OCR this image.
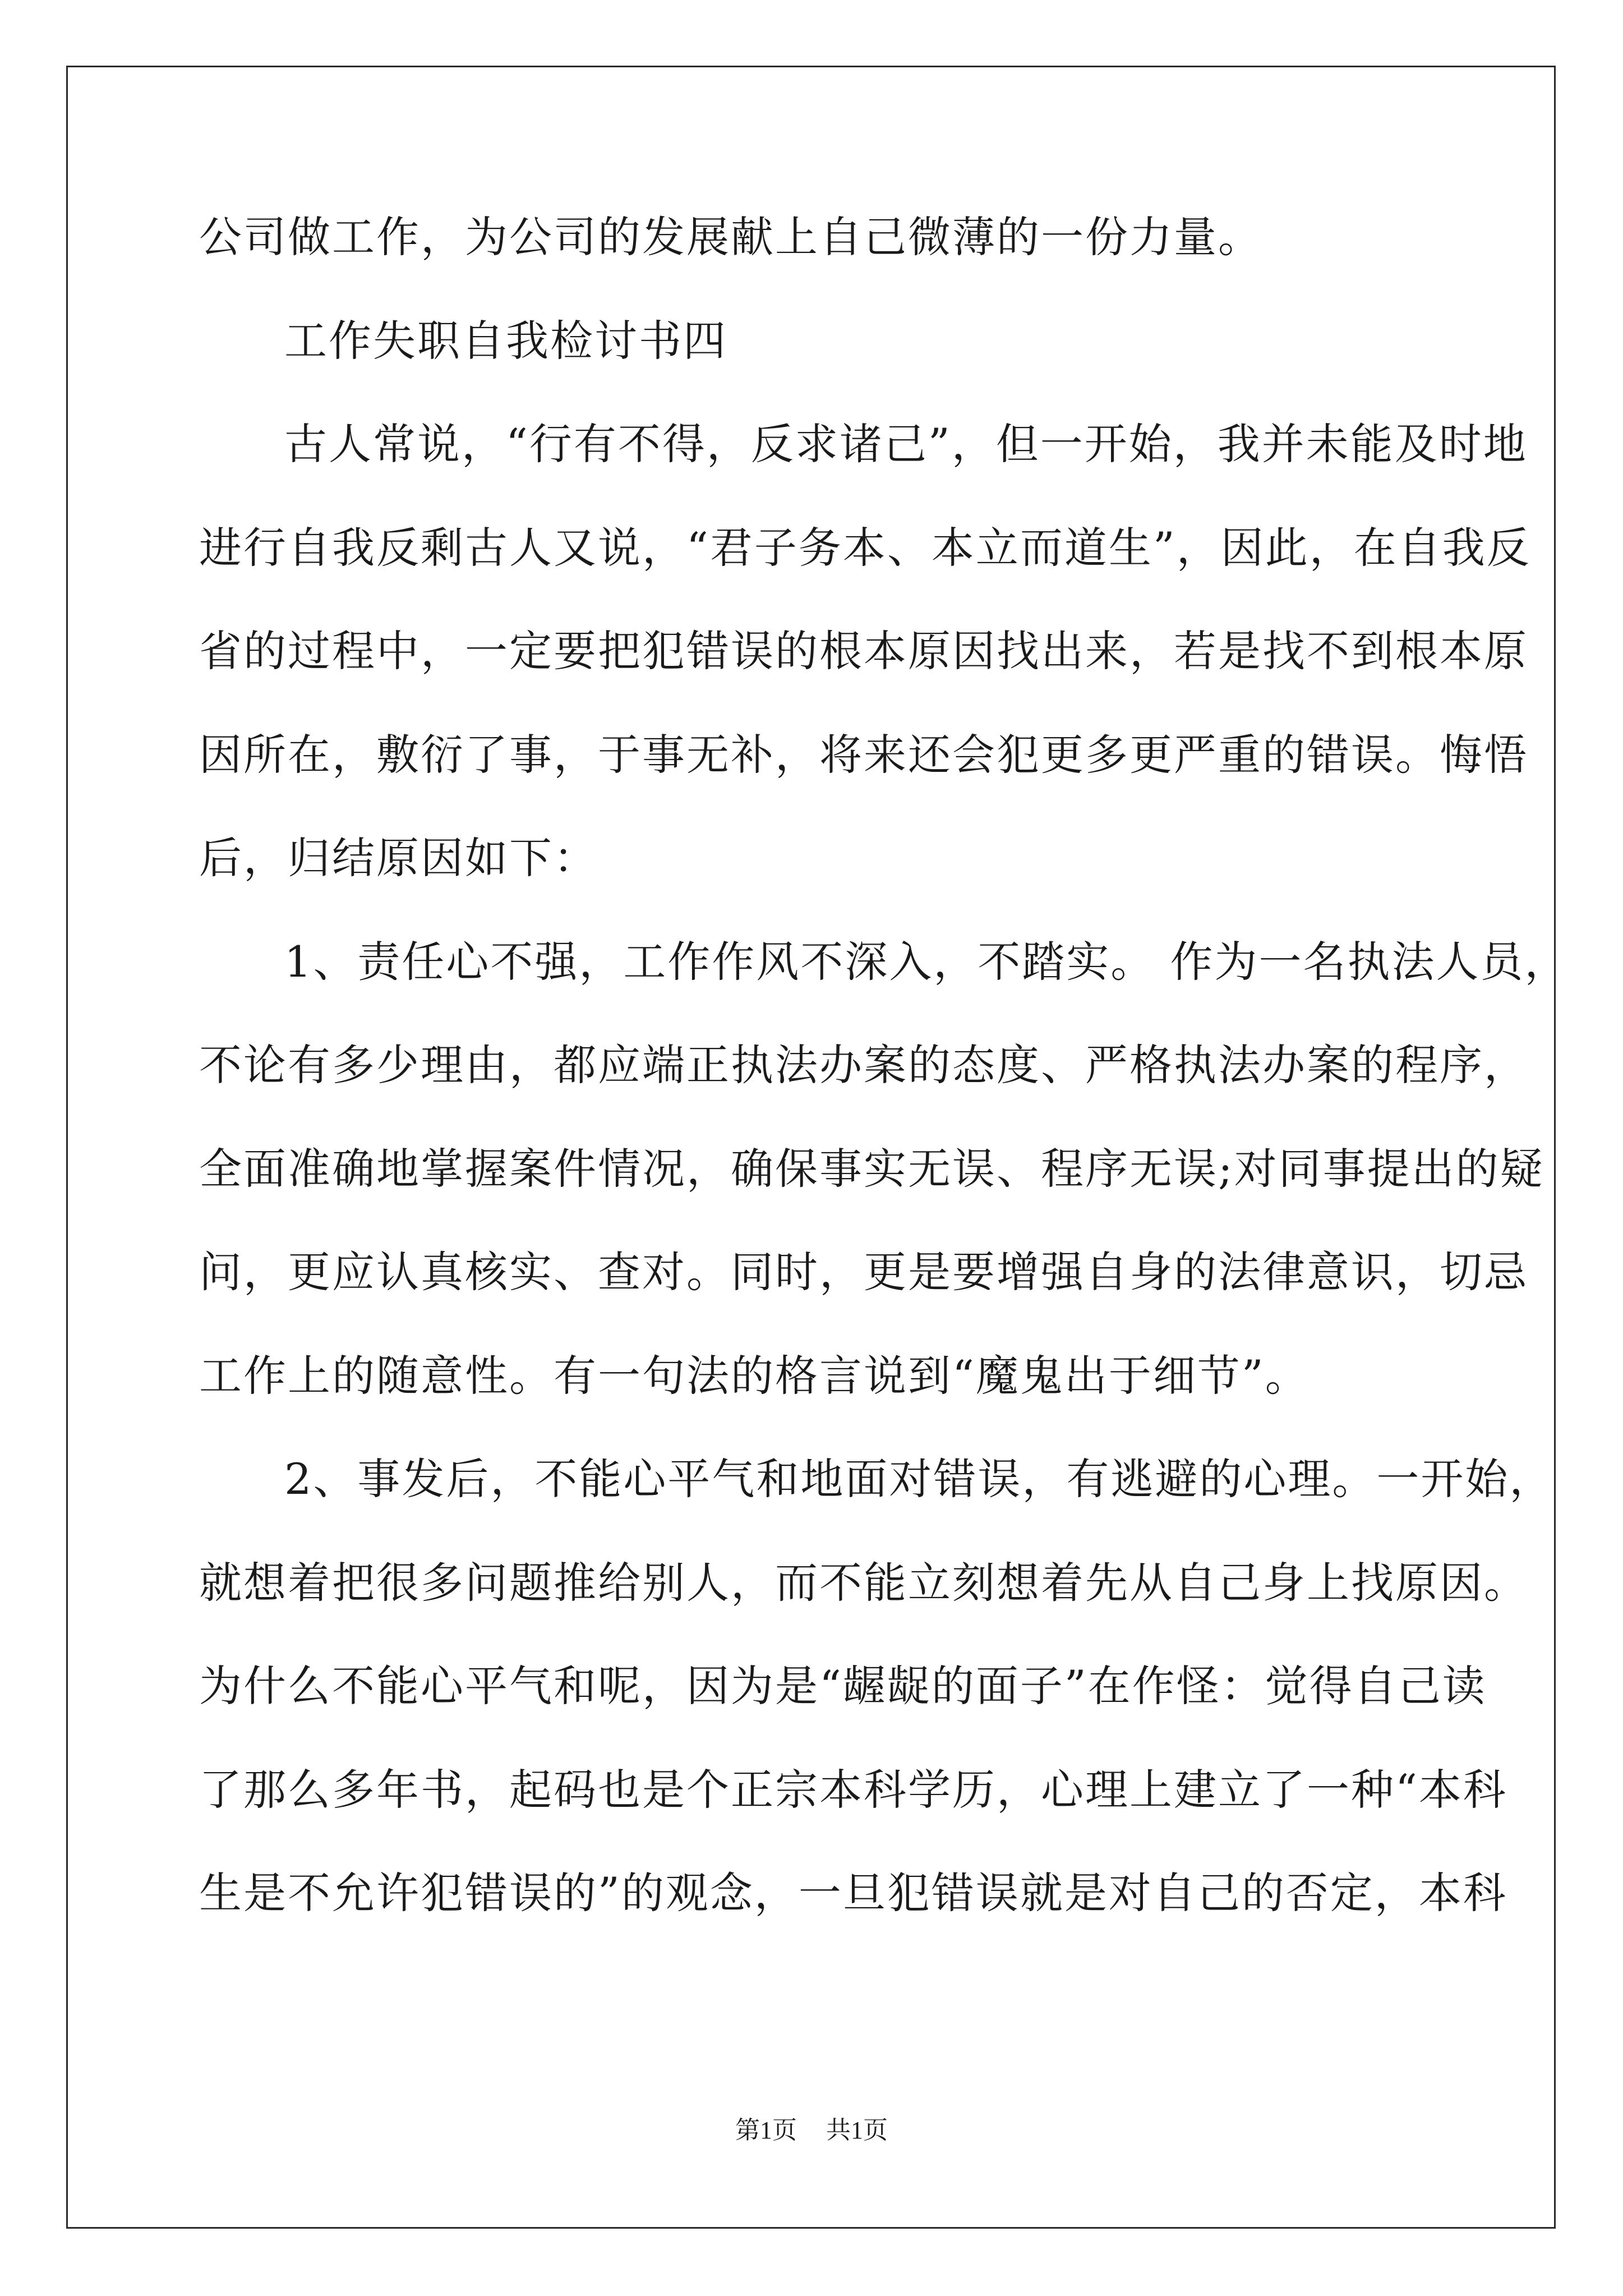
公司做工作，为公司的发展献上自己微薄的一份力量。
工作失职自我检讨书四
古人常说，“行有不得，反求诸己”，但一开始，我并未能及时地
进行自我反剩古人又说，“君子务本、本立而道生”，因此，在自我反
省的过程中，一定要把犯错误的根本原因找出来，若是找不到根本原
因所在，敷衍了事，于事无补，将来还会犯更多更严重的错误。悔悟
后，归结原因如下：
1、责任心不强，工作作风不深入，不踏实。 作为一名执法人员，
不论有多少理由，都应端正执法办案的态度、严格执法办案的程序，
全面准确地掌握案件情况，确保事实无误、程序无误;对同事提出的疑
问，更应认真核实、查对。同时，更是要增强自身的法律意识，切忌
工作上的随意性。有一句法的格言说到“魔鬼出于细节”。
2、事发后，不能心平气和地面对错误，有逃避的心理。一开始，
就想着把很多问题推给别人，而不能立刻想着先从自己身上找原因。
为什么不能心平气和呢，因为是“龌龊的面子”在作怪：觉得自己读
了那么多年书，起码也是个正宗本科学历，心理上建立了一种“本科
生是不允许犯错误的”的观念，一旦犯错误就是对自己的否定，本科
第1页 共1页
